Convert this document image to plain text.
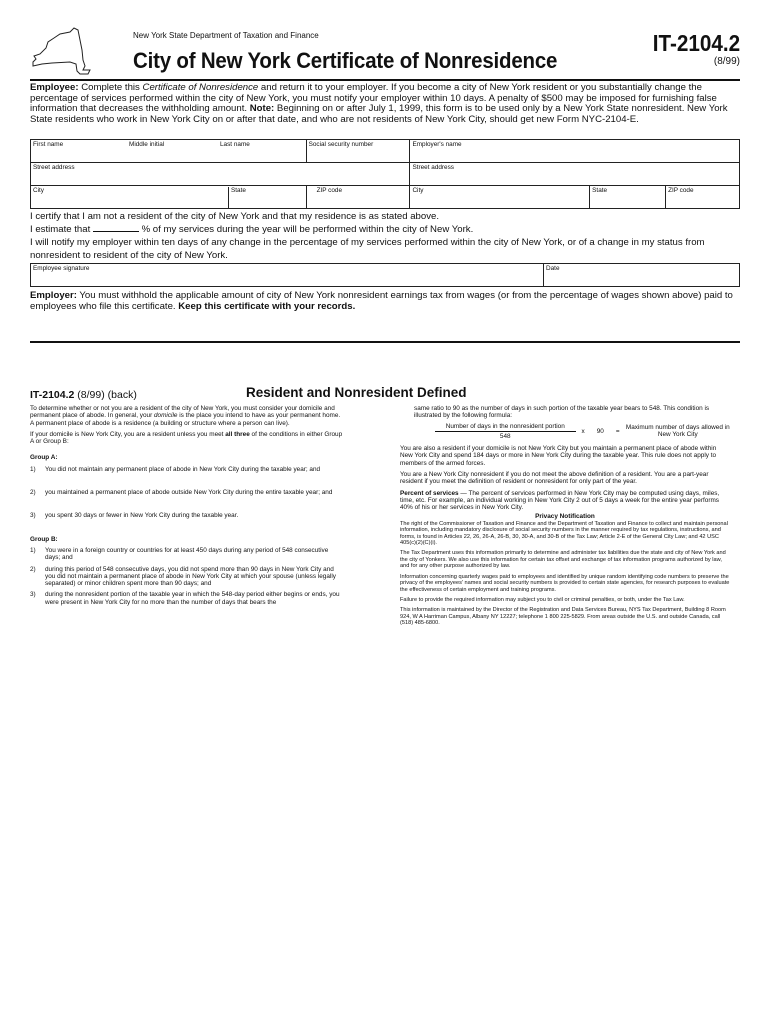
New York State Department of Taxation and Finance
City of New York Certificate of Nonresidence
IT-2104.2
(8/99)
Employee: Complete this Certificate of Nonresidence and return it to your employer. If you become a city of New York resident or you substantially change the percentage of services performed within the city of New York, you must notify your employer within 10 days. A penalty of $500 may be imposed for furnishing false information that decreases the withholding amount. Note: Beginning on or after July 1, 1999, this form is to be used only by a New York State nonresident. New York State residents who work in New York City on or after that date, and who are not residents of New York City, should get new Form NYC-2104-E.
First name Middle initial Last name	Social security number	Employer's name		
Street address		Street address		

City State	ZIP code	City	State	ZIP code
I certify that I am not a resident of the city of New York and that my residence is as stated above.
I estimate that	% of my services during the year will be performed within the city of New York.
I will notify my employer within ten days of any change in the percentage of my services performed within the city of New York, or of a change in my status from nonresident to resident of the city of New York.
Employee signature	Date
Employer: You must withhold the applicable amount of city of New York nonresident earnings tax from wages (or from the percentage of wages shown above) paid to employees who file this certificate. Keep this certificate with your records.
IT-2104.2 (8/99) (back)	Resident and Nonresident Defined

To determine whether or not you are a resident of the city of New York, you must consider your domicile and permanent place of abode. In general, your domicile is the place you intend to have as your permanent home. A permanent place of abode is a residence (a building or structure where a person can live).

If your domicile is New York City, you are a resident unless you meet all three of the conditions in either Group A or Group B:

Group A:
1)	You did not maintain any permanent place of abode in New York City during the taxable year; and
2)	you maintained a permanent place of abode outside New York City during the entire taxable year; and
3)	you spent 30 days or fewer in New York City during the taxable year.
Group B:
1)	You were in a foreign country or countries for at least 450 days during any period of 548 consecutive days; and
2)	during this period of 548 consecutive days, you did not spend more than 90 days in New York City and you did not maintain a permanent place of abode in New York City at which your spouse (unless legally separated) or minor children spent more than 90 days; and
3)	during the nonresident portion of the taxable year in which the 548-day period either begins or ends, you were present in New York City for no more than the number of days that bears the

same ratio to 90 as the number of days in such portion of the taxable year bears to 548. This condition is illustrated by the following formula:

$\frac{\text{Number of days in the nonresident portion}}{548}$ x 90 =
Maximum number of days allowed in New York City

You are also a resident if your domicile is not New York City but you maintain a permanent place of abode within New York City and spend 184 days or more in New York City during the taxable year. This rule does not apply to members of the armed forces.

You are a New York City nonresident if you do not meet the above definition of a resident. You are a part-year resident if you meet the definition of resident or nonresident for only part of the year.

Percent of services — The percent of services performed in New York City may be computed using days, miles, time, etc. For example, an individual working in New York City 2 out of 5 days a week for the entire year performs 40% of his or her services in New York City.

Privacy Notification

The right of the Commissioner of Taxation and Finance and the Department of Taxation and Finance to collect and maintain personal information, including mandatory disclosure of social security numbers in the manner required by tax regulations, instructions, and forms, is found in Articles 22, 26, 26-A, 26-B, 30, 30-A, and 30-B of the Tax Law; Article 2-E of the General City Law; and 42 USC 405(c)(2)(C)(i).

The Tax Department uses this information primarily to determine and administer tax liabilities due the state and city of New York and the city of Yonkers. We also use this information for certain tax offset and exchange of tax information programs authorized by law, and for any other purpose authorized by law.

Information concerning quarterly wages paid to employees and identified by unique random identifying code numbers to preserve the privacy of the employees' names and social security numbers is provided to certain state agencies, for research purposes to evaluate the effectiveness of certain employment and training programs.

Failure to provide the required information may subject you to civil or criminal penalties, or both, under the Tax Law.

This information is maintained by the Director of the Registration and Data Services Bureau, NYS Tax Department, Building 8 Room 924, W A Harriman Campus, Albany NY 12227; telephone 1 800 225-5829. From areas outside the U.S. and outside Canada, call (518) 485-6800.
